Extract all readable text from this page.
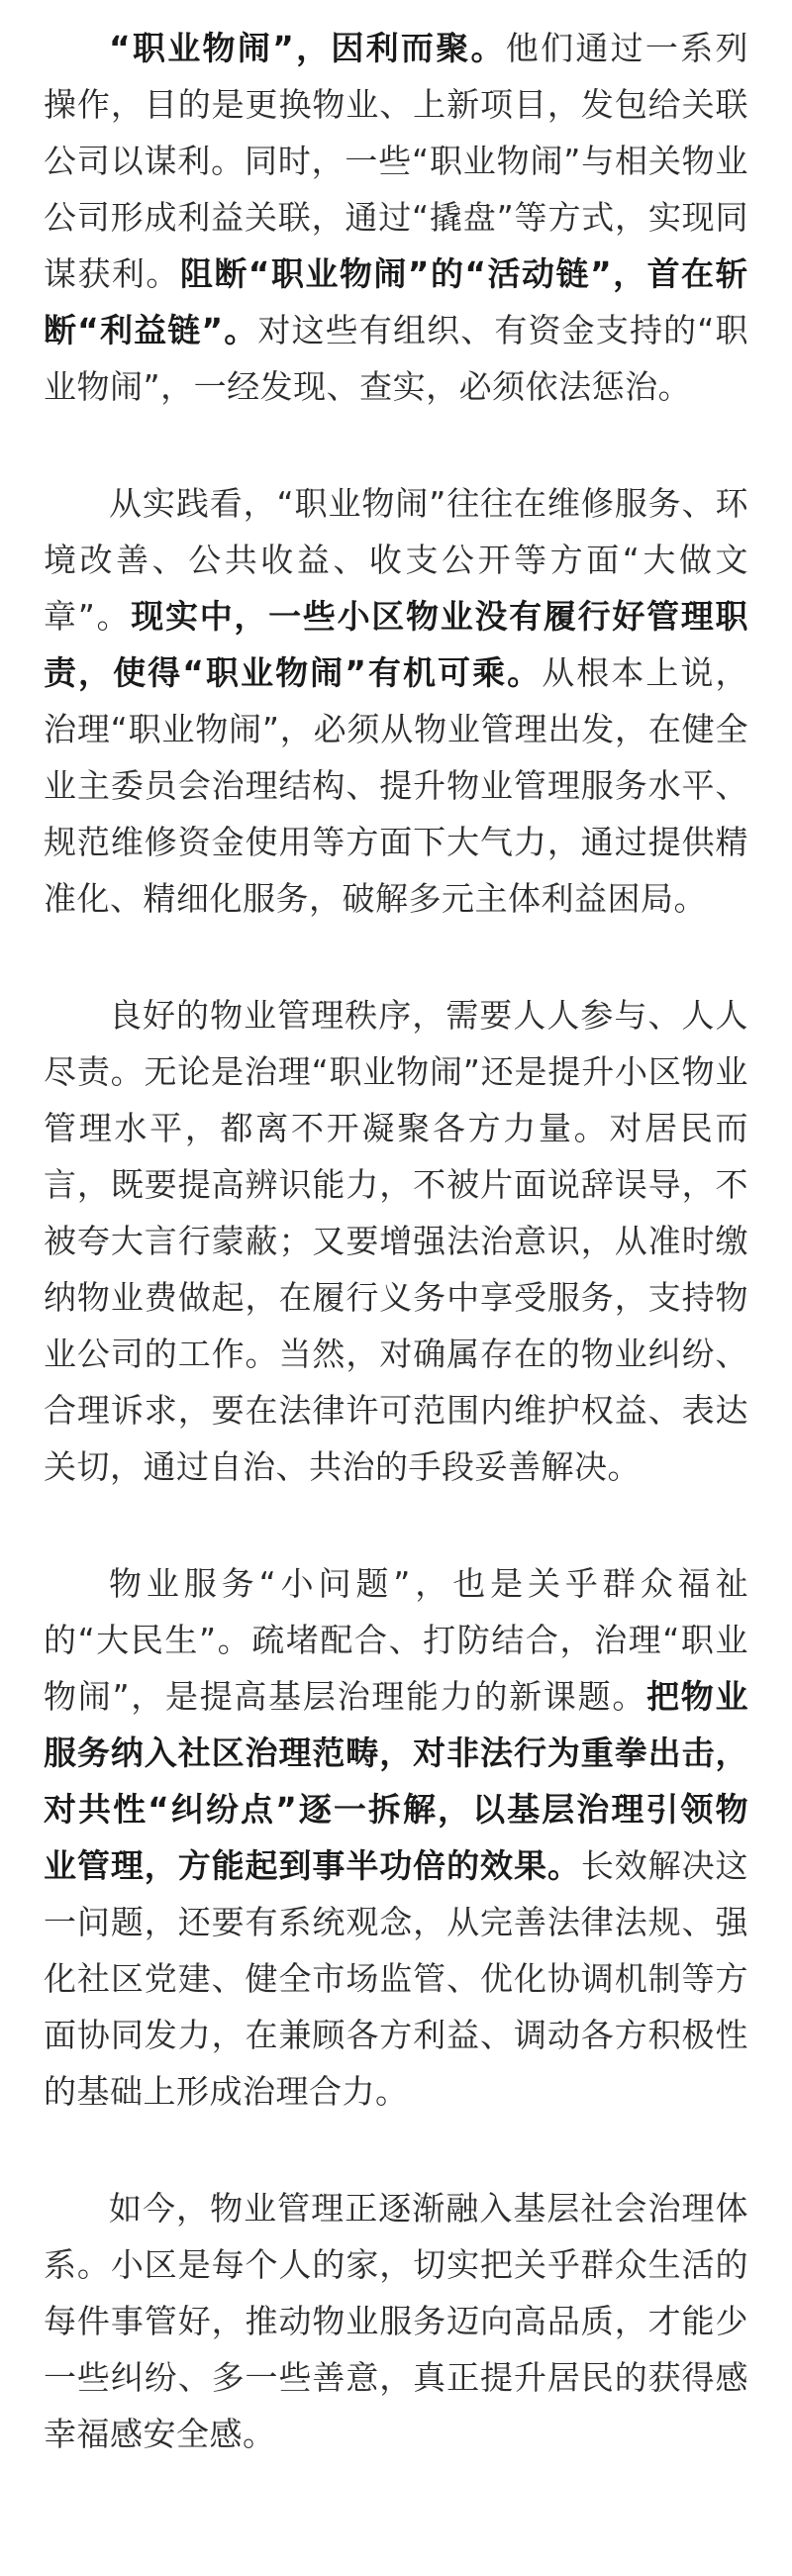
“职业物闹”，因利而聚。他们通过一系列操作，目的是更换物业、上新项目，发包给关联公司以谋利。同时，一些“职业物闹”与相关物业公司形成利益关联，通过“撬盘”等方式，实现同谋获利。阻断“职业物闹”的“活动链”，首在斩断“利益链”。对这些有组织、有资金支持的“职业物闹”，一经发现、查实，必须依法惩治。

从实践看，“职业物闹”往往在维修服务、环境改善、公共收益、收支公开等方面“大做文章”。现实中，一些小区物业没有履行好管理职责，使得“职业物闹”有机可乘。从根本上说，治理“职业物闹”，必须从物业管理出发，在健全业主委员会治理结构、提升物业管理服务水平、规范维修资金使用等方面下大气力，通过提供精准化、精细化服务，破解多元主体利益困局。

良好的物业管理秩序，需要人人参与、人人尽责。无论是治理“职业物闹”还是提升小区物业管理水平，都离不开凝聚各方力量。对居民而言，既要提高辨识能力，不被片面说辞误导，不被夸大言行蒙蔽；又要增强法治意识，从准时缴纳物业费做起，在履行义务中享受服务，支持物业公司的工作。当然，对确属存在的物业纠纷、合理诉求，要在法律许可范围内维护权益、表达关切，通过自治、共治的手段妥善解决。

物业服务“小问题”，也是关乎群众福祉的“大民生”。疏堵配合、打防结合，治理“职业物闹”，是提高基层治理能力的新课题。把物业服务纳入社区治理范畴，对非法行为重拳出击，对共性“纠纷点”逐一拆解，以基层治理引领物业管理，方能起到事半功倍的效果。长效解决这一问题，还要有系统观念，从完善法律法规、强化社区党建、健全市场监管、优化协调机制等方面协同发力，在兼顾各方利益、调动各方积极性的基础上形成治理合力。

如今，物业管理正逐渐融入基层社会治理体系。小区是每个人的家，切实把关乎群众生活的每件事管好，推动物业服务迈向高品质，才能少一些纠纷、多一些善意，真正提升居民的获得感幸福感安全感。
